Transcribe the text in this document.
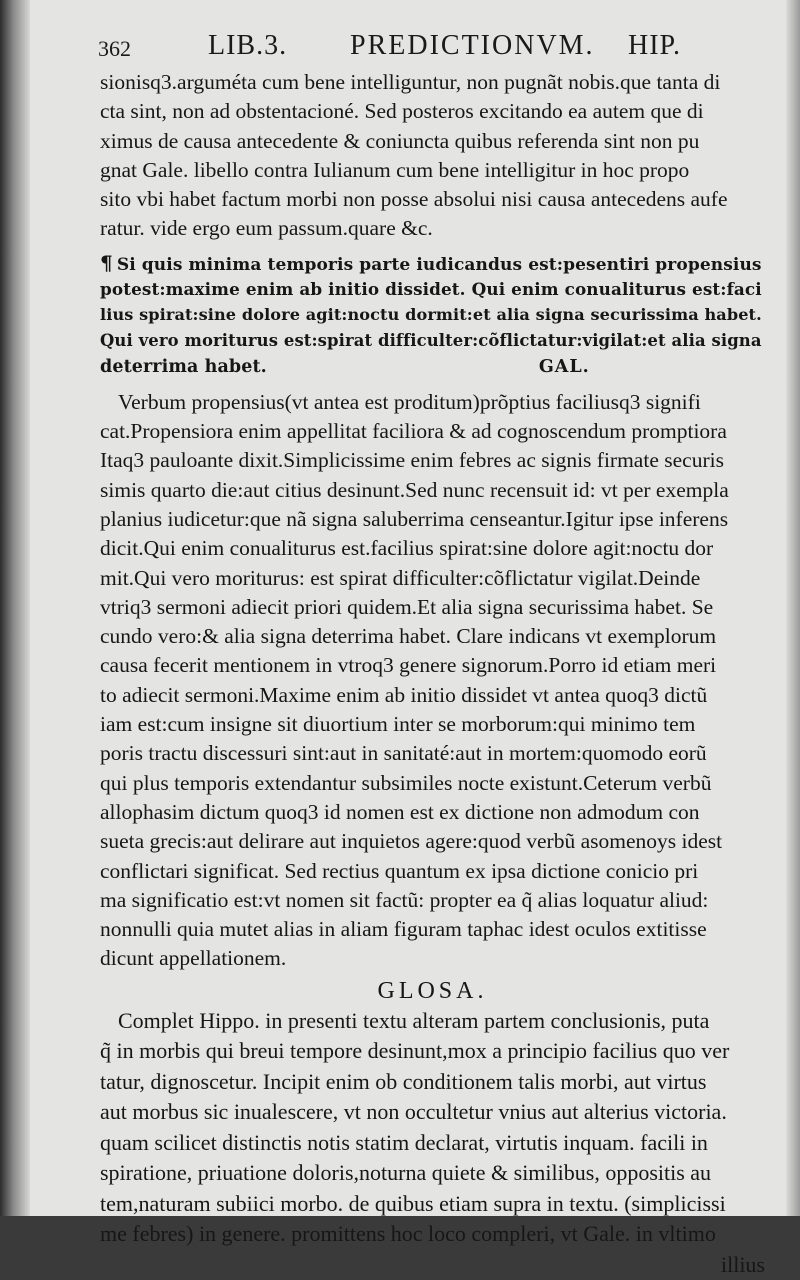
362	LIB.3. PREDICTIONVM. HIP.
sionisq3.arguméta cum bene intelliguntur, non pugnãt nobis.que tanta di
cta sint, non ad obstentacioné. Sed posteros excitando ea autem que di
ximus de causa antecedente & coniuncta quibus referenda sint non pu
gnat Gale. libello contra Iulianum cum bene intelligitur in hoc propo
sito vbi habet factum morbi non posse absolui nisi causa antecedens aufe
ratur. vide ergo eum passum.quare &c.
¶ Si quis minima temporis parte iudicandus est:pesentiri propensius
potest:maxime enim ab initio dissidet. Qui enim conualiturus est:faci
lius spirat:sine dolore agit:noctu dormit:et alia signa securissima habet.
Qui vero moriturus est:spirat difficulter:cõflictatur:vigilat:et alia signa
deterrima habet.	GAL.
Verbum propensius(vt antea est proditum)prõptius faciliusq3 signifi
cat.Propensiora enim appellitat faciliora & ad cognoscendum promptiora
Itaq3 pauloante dixit.Simplicissime enim febres ac signis firmate securis
simis quarto die:aut citius desinunt.Sed nunc recensuit id: vt per exempla
planius iudicetur:que nã signa saluberrima censeantur.Igitur ipse inferens
dicit.Qui enim conualiturus est.facilius spirat:sine dolore agit:noctu dor
mit.Qui vero moriturus: est spirat difficulter:cõflictatur vigilat.Deinde
vtriq3 sermoni adiecit priori quidem.Et alia signa securissima habet. Se
cundo vero:& alia signa deterrima habet. Clare indicans vt exemplorum
causa fecerit mentionem in vtroq3 genere signorum.Porro id etiam meri
to adiecit sermoni.Maxime enim ab initio dissidet vt antea quoq3 dictũ
iam est:cum insigne sit diuortium inter se morborum:qui minimo tem
poris tractu discessuri sint:aut in sanitaté:aut in mortem:quomodo eorũ
qui plus temporis extendantur subsimiles nocte existunt.Ceterum verbũ
allophasim dictum quoq3 id nomen est ex dictione non admodum con
sueta grecis:aut delirare aut inquietos agere:quod verbũ asomenoys idest
conflictari significat. Sed rectius quantum ex ipsa dictione conicio pri
ma significatio est:vt nomen sit factũ: propter ea q̃ alias loquatur aliud:
nonnulli quia mutet alias in aliam figuram taphac idest oculos extitisse
dicunt appellationem.
GLOSA.
Complet Hippo. in presenti textu alteram partem conclusionis, puta
q̃ in morbis qui breui tempore desinunt,mox a principio facilius quo ver
tatur, dignoscetur. Incipit enim ob conditionem talis morbi, aut virtus
aut morbus sic inualescere, vt non occultetur vnius aut alterius victoria.
quam scilicet distinctis notis statim declarat, virtutis inquam. facili in
spiratione, priuatione doloris,noturna quiete & similibus, oppositis au
tem,naturam subiici morbo. de quibus etiam supra in textu. (simplicissi
me febres) in genere. promittens hoc loco compleri, vt Gale. in vltimo
illius
